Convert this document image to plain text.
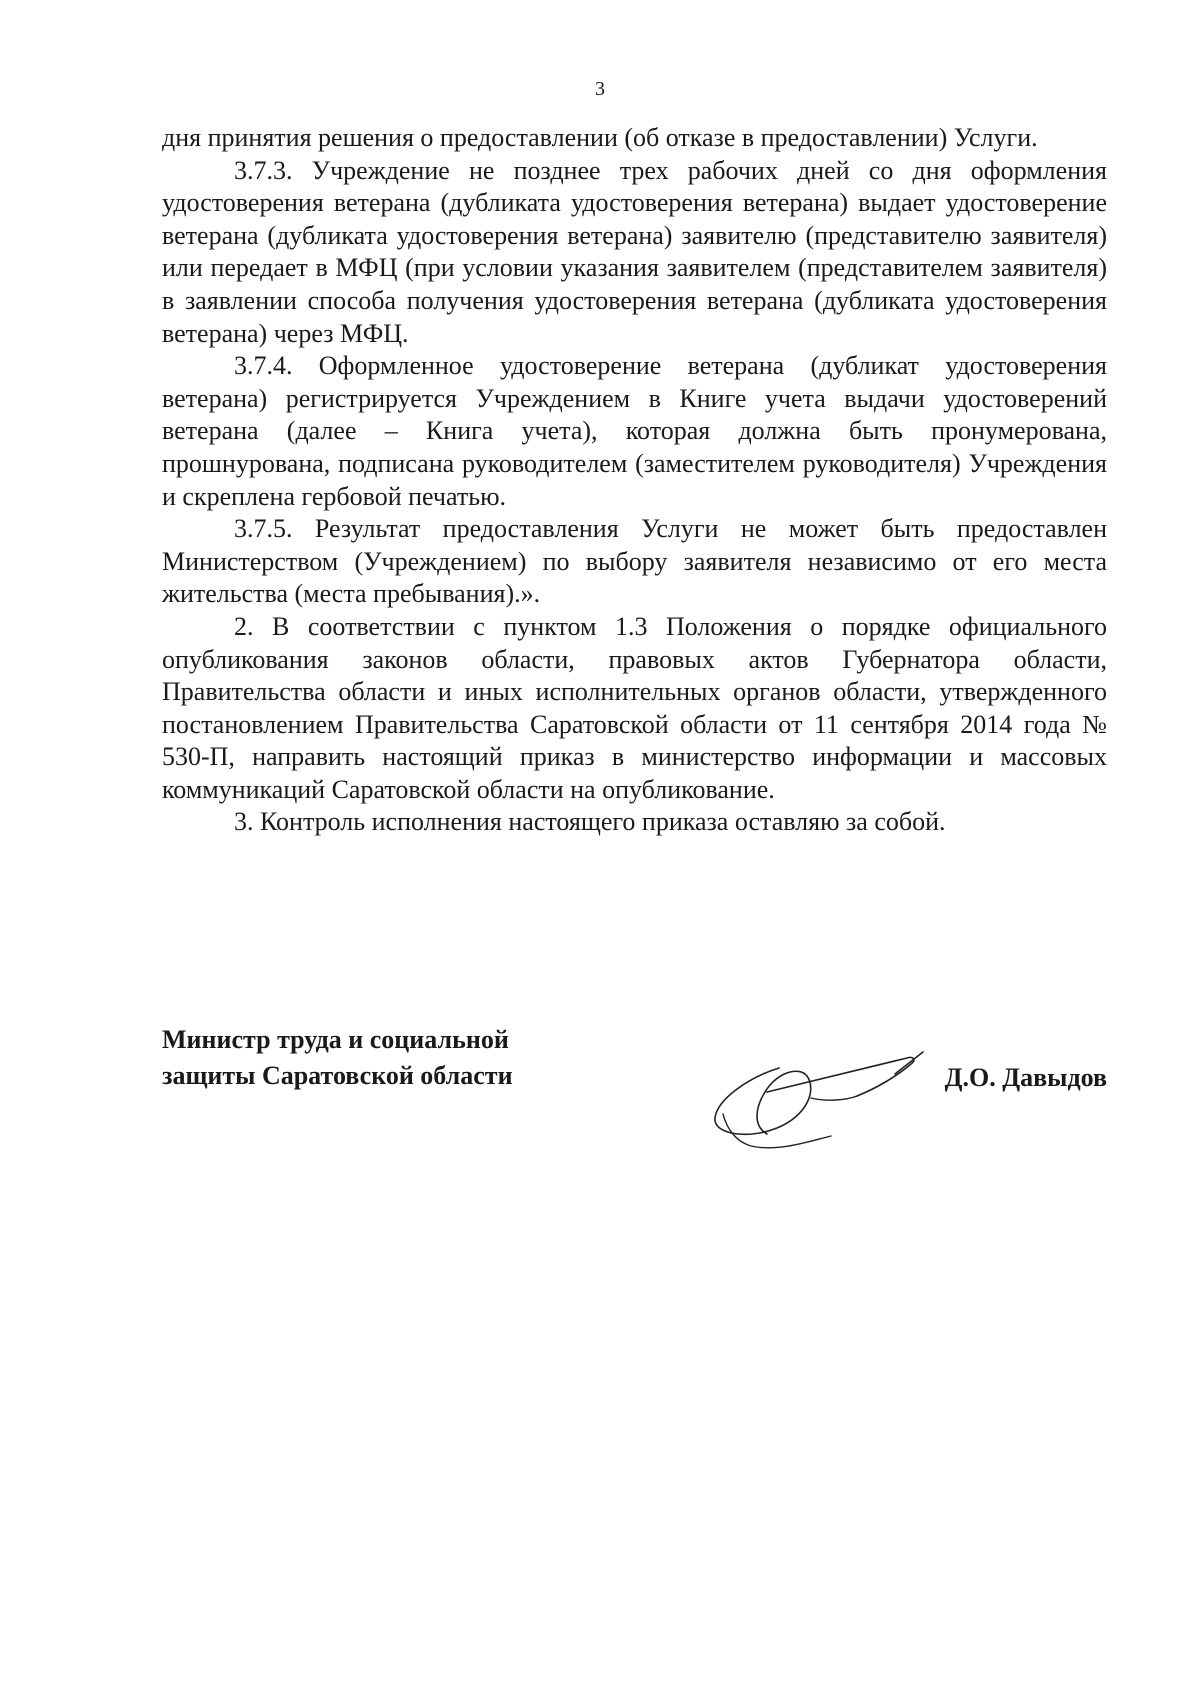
3

дня принятия решения о предоставлении (об отказе в предоставлении) Услуги.

3.7.3. Учреждение не позднее трех рабочих дней со дня оформления удостоверения ветерана (дубликата удостоверения ветерана) выдает удостоверение ветерана (дубликата удостоверения ветерана) заявителю (представителю заявителя) или передает в МФЦ (при условии указания заявителем (представителем заявителя) в заявлении способа получения удостоверения ветерана (дубликата удостоверения ветерана) через МФЦ.

3.7.4. Оформленное удостоверение ветерана (дубликат удостоверения ветерана) регистрируется Учреждением в Книге учета выдачи удостоверений ветерана (далее – Книга учета), которая должна быть пронумерована, прошнурована, подписана руководителем (заместителем руководителя) Учреждения и скреплена гербовой печатью.

3.7.5. Результат предоставления Услуги не может быть предоставлен Министерством (Учреждением) по выбору заявителя независимо от его места жительства (места пребывания).».

2. В соответствии с пунктом 1.3 Положения о порядке официального опубликования законов области, правовых актов Губернатора области, Правительства области и иных исполнительных органов области, утвержденного постановлением Правительства Саратовской области от 11 сентября 2014 года № 530-П, направить настоящий приказ в министерство информации и массовых коммуникаций Саратовской области на опубликование.

3. Контроль исполнения настоящего приказа оставляю за собой.

Министр труда и социальной
защиты Саратовской области	Д.О. Давыдов
